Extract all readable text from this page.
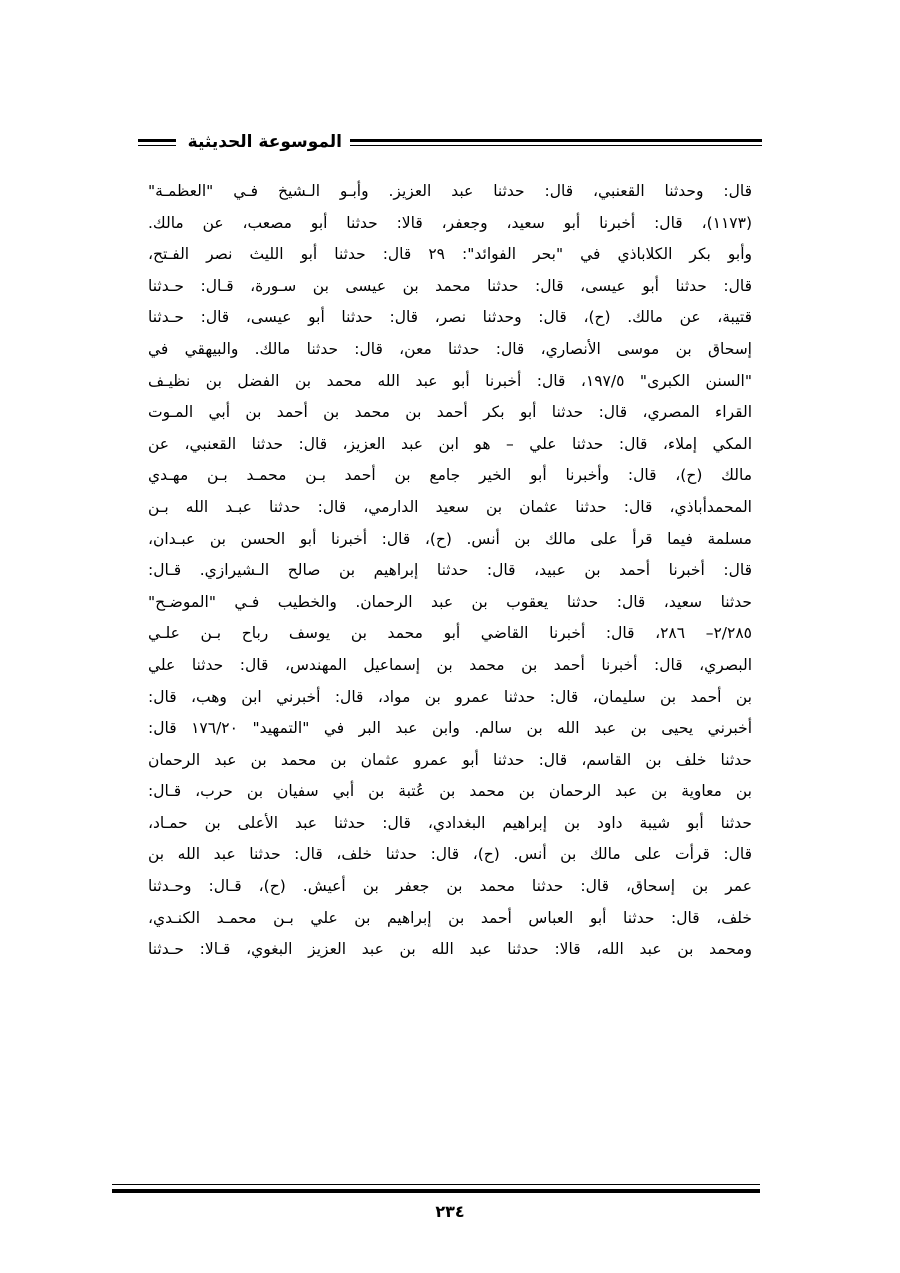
الموسوعة الحديثية
قال: وحدثنا القعنبي، قال: حدثنا عبد العزيز. وأبـو الـشيخ فـي "العظمـة"
(١١٧٣)، قال: أخبرنا أبو سعيد، وجعفر، قالا: حدثنا أبو مصعب، عن مالك.
وأبو بكر الكلاباذي في "بحر الفوائد": ٢٩ قال: حدثنا أبو الليث نصر الفـتح،
قال: حدثنا أبو عيسى، قال: حدثنا محمد بن عيسى بن سـورة، قـال: حـدثنا
قتيبة، عن مالك. (ح)، قال: وحدثنا نصر، قال: حدثنا أبو عيسى، قال: حـدثنا
إسحاق بن موسى الأنصاري، قال: حدثنا معن، قال: حدثنا مالك. والبيهقي في
"السنن الكبرى" ١٩٧/٥، قال: أخبرنا أبو عبد الله محمد بن الفضل بن نظيـف
القراء المصري، قال: حدثنا أبو بكر أحمد بن محمد بن أحمد بن أبي المـوت
المكي إملاء، قال: حدثنا علي – هو ابن عبد العزيز، قال: حدثنا القعنبي، عن
مالك (ح)، قال: وأخبرنا أبو الخير جامع بن أحمد بـن محمـد بـن مهـدي
المحمدأباذي، قال: حدثنا عثمان بن سعيد الدارمي، قال: حدثنا عبـد الله بـن
مسلمة فيما قرأ على مالك بن أنس. (ح)، قال: أخبرنا أبو الحسن بن عبـدان،
قال: أخبرنا أحمد بن عبيد، قال: حدثنا إبراهيم بن صالح الـشيرازي. قـال:
حدثنا سعيد، قال: حدثنا يعقوب بن عبد الرحمان. والخطيب فـي "الموضـح"
٢/٢٨٥– ٢٨٦، قال: أخبرنا القاضي أبو محمد بن يوسف رباح بـن علـي
البصري، قال: أخبرنا أحمد بن محمد بن إسماعيل المهندس، قال: حدثنا علي
بن أحمد بن سليمان، قال: حدثنا عمرو بن مواد، قال: أخبرني ابن وهب، قال:
أخبرني يحيى بن عبد الله بن سالم. وابن عبد البر في "التمهيد" ١٧٦/٢٠ قال:
حدثنا خلف بن القاسم، قال: حدثنا أبو عمرو عثمان بن محمد بن عبد الرحمان
بن معاوية بن عبد الرحمان بن محمد بن عُتبة بن أبي سفيان بن حرب، قـال:
حدثنا أبو شيبة داود بن إبراهيم البغدادي، قال: حدثنا عبد الأعلى بن حمـاد،
قال: قرأت على مالك بن أنس. (ح)، قال: حدثنا خلف، قال: حدثنا عبد الله بن
عمر بن إسحاق، قال: حدثنا محمد بن جعفر بن أعيش. (ح)، قـال: وحـدثنا
خلف، قال: حدثنا أبو العباس أحمد بن إبراهيم بن علي بـن محمـد الكنـدي،
ومحمد بن عبد الله، قالا: حدثنا عبد الله بن عبد العزيز البغوي، قـالا: حـدثنا
٢٣٤
